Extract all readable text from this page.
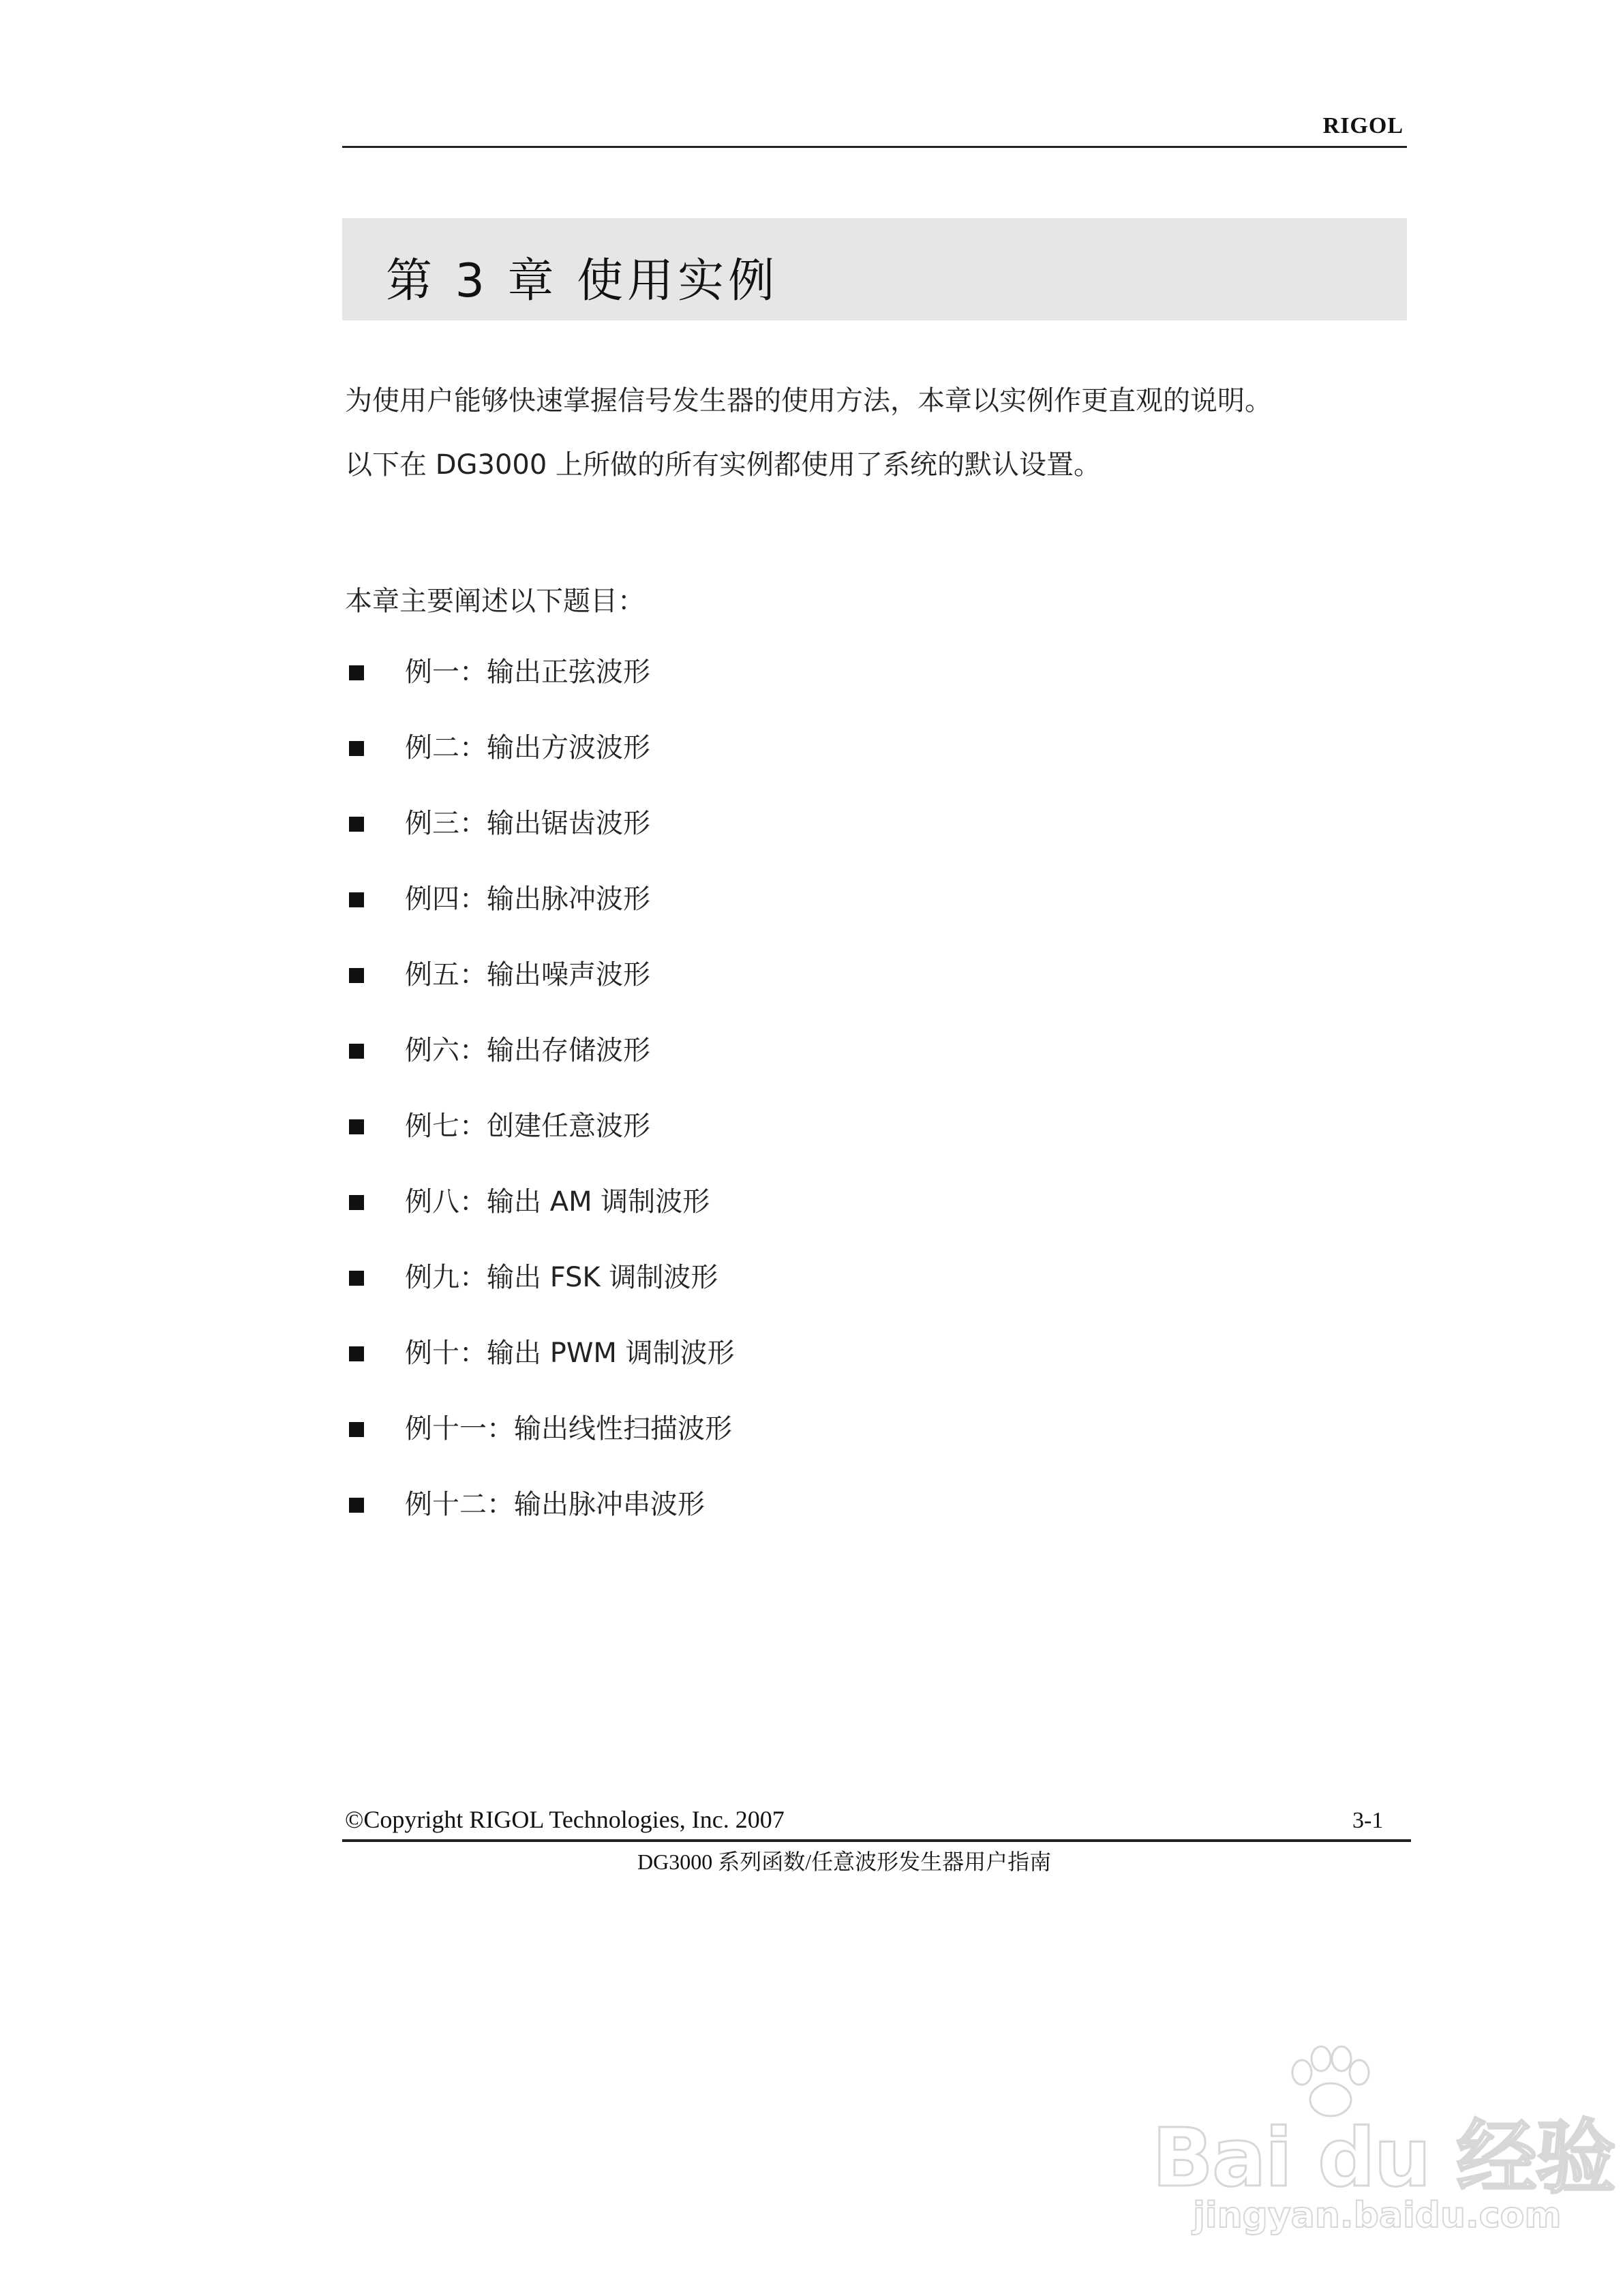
RIGOL
第 3 章 使用实例
为使用户能够快速掌握信号发生器的使用方法，本章以实例作更直观的说明。
以下在 DG3000 上所做的所有实例都使用了系统的默认设置。
本章主要阐述以下题目：
例一：输出正弦波形
例二：输出方波波形
例三：输出锯齿波形
例四：输出脉冲波形
例五：输出噪声波形
例六：输出存储波形
例七：创建任意波形
例八：输出 AM 调制波形
例九：输出 FSK 调制波形
例十：输出 PWM 调制波形
例十一：输出线性扫描波形
例十二：输出脉冲串波形
©Copyright RIGOL Technologies, Inc. 2007	3-1
DG3000 系列函数/任意波形发生器用户指南
Bai du 经验
jingyan.baidu.com
